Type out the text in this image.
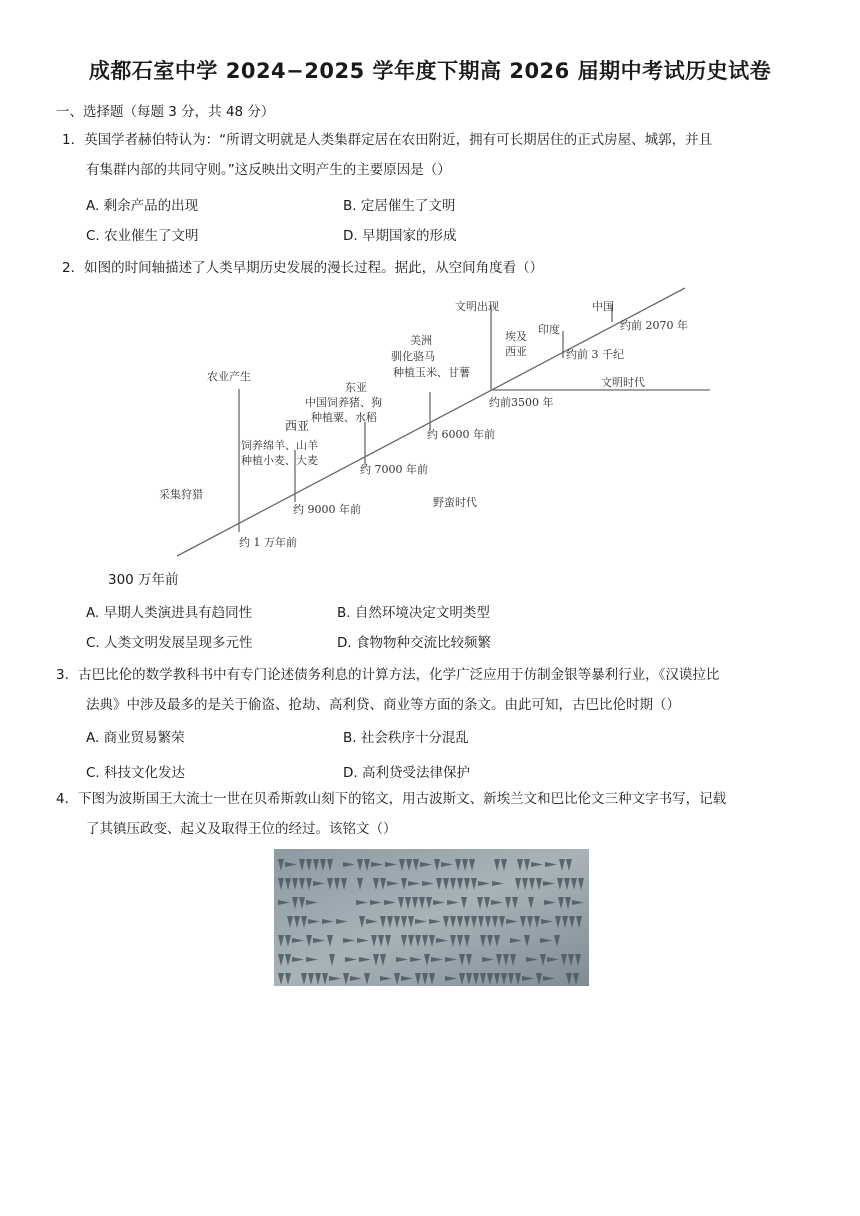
成都石室中学 2024−2025 学年度下期高 2026 届期中考试历史试卷
一、选择题（每题 3 分，共 48 分）
1．英国学者赫伯特认为：“所谓文明就是人类集群定居在农田附近，拥有可长期居住的正式房屋、城郭，并且
有集群内部的共同守则。”这反映出文明产生的主要原因是（）
A. 剩余产品的出现	B. 定居催生了文明
C. 农业催生了文明	D. 早期国家的形成
2．如图的时间轴描述了人类早期历史发展的漫长过程。据此，从空间角度看（）
文明出现	中国
约前 2070 年
印度
埃及
西亚	约前 3 千纪
文明时代
约前3500 年
美洲
驯化骆马
种植玉米、甘薯
东亚
中国饲养猪、狗
种植粟、水稻
约 6000 年前
西亚
饲养绵羊、山羊
种植小麦、大麦
约 7000 年前
农业产生
采集狩猎
约 9000 年前
野蛮时代
约 1 万年前
300 万年前
A. 早期人类演进具有趋同性	B. 自然环境决定文明类型
C. 人类文明发展呈现多元性	D. 食物物种交流比较频繁
3．古巴比伦的数学教科书中有专门论述债务利息的计算方法，化学广泛应用于仿制金银等暴利行业，《汉谟拉比
法典》中涉及最多的是关于偷盗、抢劫、高利贷、商业等方面的条文。由此可知，古巴比伦时期（）
A. 商业贸易繁荣	B. 社会秩序十分混乱
C. 科技文化发达	D. 高利贷受法律保护
4．下图为波斯国王大流士一世在贝希斯敦山刻下的铭文，用古波斯文、新埃兰文和巴比伦文三种文字书写，记载
了其镇压政变、起义及取得王位的经过。该铭文（）
